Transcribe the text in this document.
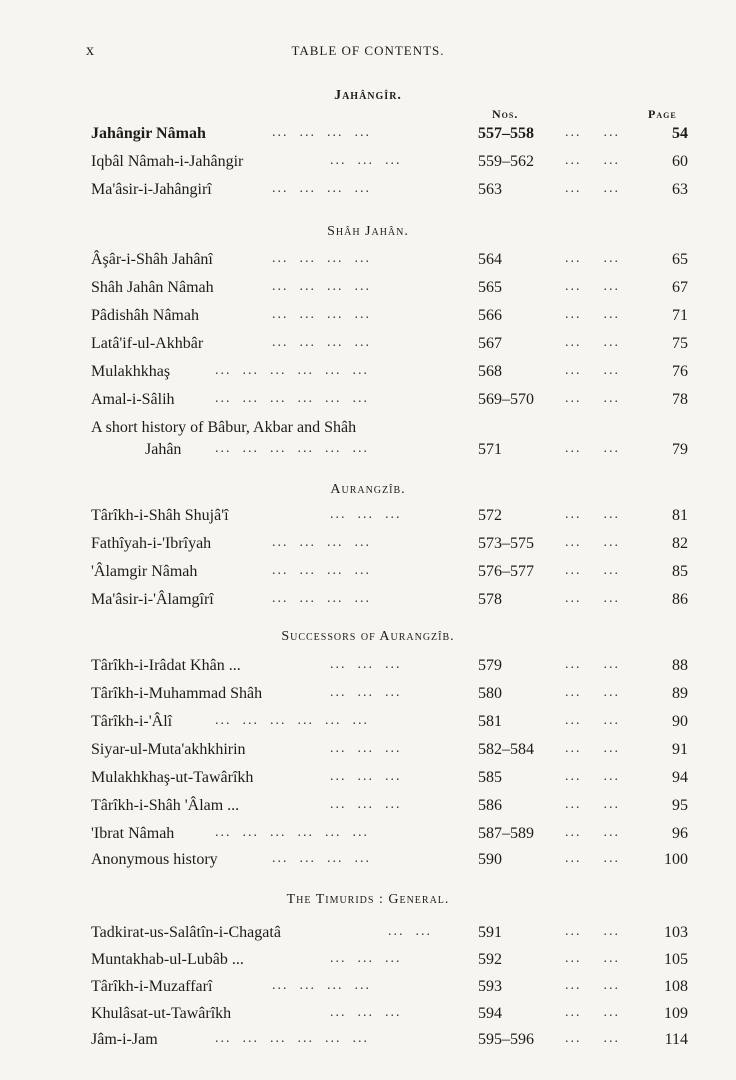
x	TABLE OF CONTENTS.
Jahângîr.
Nos.	Page
Jahângir Nâmah	...  ...  ...  ...	557–558 ...    ...	54
Iqbâl Nâmah-i-Jahângir	...  ...  ...	559–562 ...    ...	60
Ma'âsir-i-Jahângirî	...  ...  ...  ...	563	...    ...	63
Shâh Jahân.
Âşâr-i-Shâh Jahânî	...  ...  ...  ...	564	...    ...	65
Shâh Jahân Nâmah	...  ...  ...  ...	565	...    ...	67
Pâdishâh Nâmah	...  ...  ...  ...	566	...    ...	71
Latâ'if-ul-Akhbâr	...  ...  ...  ...	567	...    ...	75
Mulakhkhaş	...  ...  ...  ...  ...  ...	568	...    ...	76
Amal-i-Sâlih	...  ...  ...  ...  ...  ...	569–570 ...    ...	78
A short history of Bâbur, Akbar and Shâh
Jahân ...  ...  ...  ...  ...  ...	571	...    ...	79
Aurangzîb.
Târîkh-i-Shâh Shujâ'î	...  ...  ...	572	...    ...	81
Fathîyah-i-'Ibrîyah	...  ...  ...  ...	573–575 ...    ...	82
'Âlamgir Nâmah	...  ...  ...  ...	576–577 ...    ...	85
Ma'âsir-i-'Âlamgîrî	...  ...  ...  ...	578	...    ...	86
Successors of Aurangzîb.
Târîkh-i-Irâdat Khân ...	...  ...  ...	579	...    ...	88
Târîkh-i-Muhammad Shâh	...  ...  ...	580	...    ...	89
Târîkh-i-'Âlî	...  ...  ...  ...  ...  ...	581	...    ...	90
Siyar-ul-Muta'akhkhirin	...  ...  ...	582–584 ...    ...	91
Mulakhkhaş-ut-Tawârîkh	...  ...  ...	585	...    ...	94
Târîkh-i-Shâh 'Âlam ...	...  ...  ...	586	...    ...	95
'Ibrat Nâmah	...  ...  ...  ...  ...  ...	587–589 ...    ...	96
Anonymous history	...  ...  ...  ...	590	...    ...	100
The Timurids : General.
Tadkirat-us-Salâtîn-i-Chagatâ	...  ...	591	...    ...	103
Muntakhab-ul-Lubâb ...	...  ...  ...	592	...    ...	105
Târîkh-i-Muzaffarî	...  ...  ...  ...	593	...    ...	108
Khulâsat-ut-Tawârîkh	...  ...  ...	594	...    ...	109
Jâm-i-Jam	...  ...  ...  ...  ...  ...	595–596 ...    ...	114
